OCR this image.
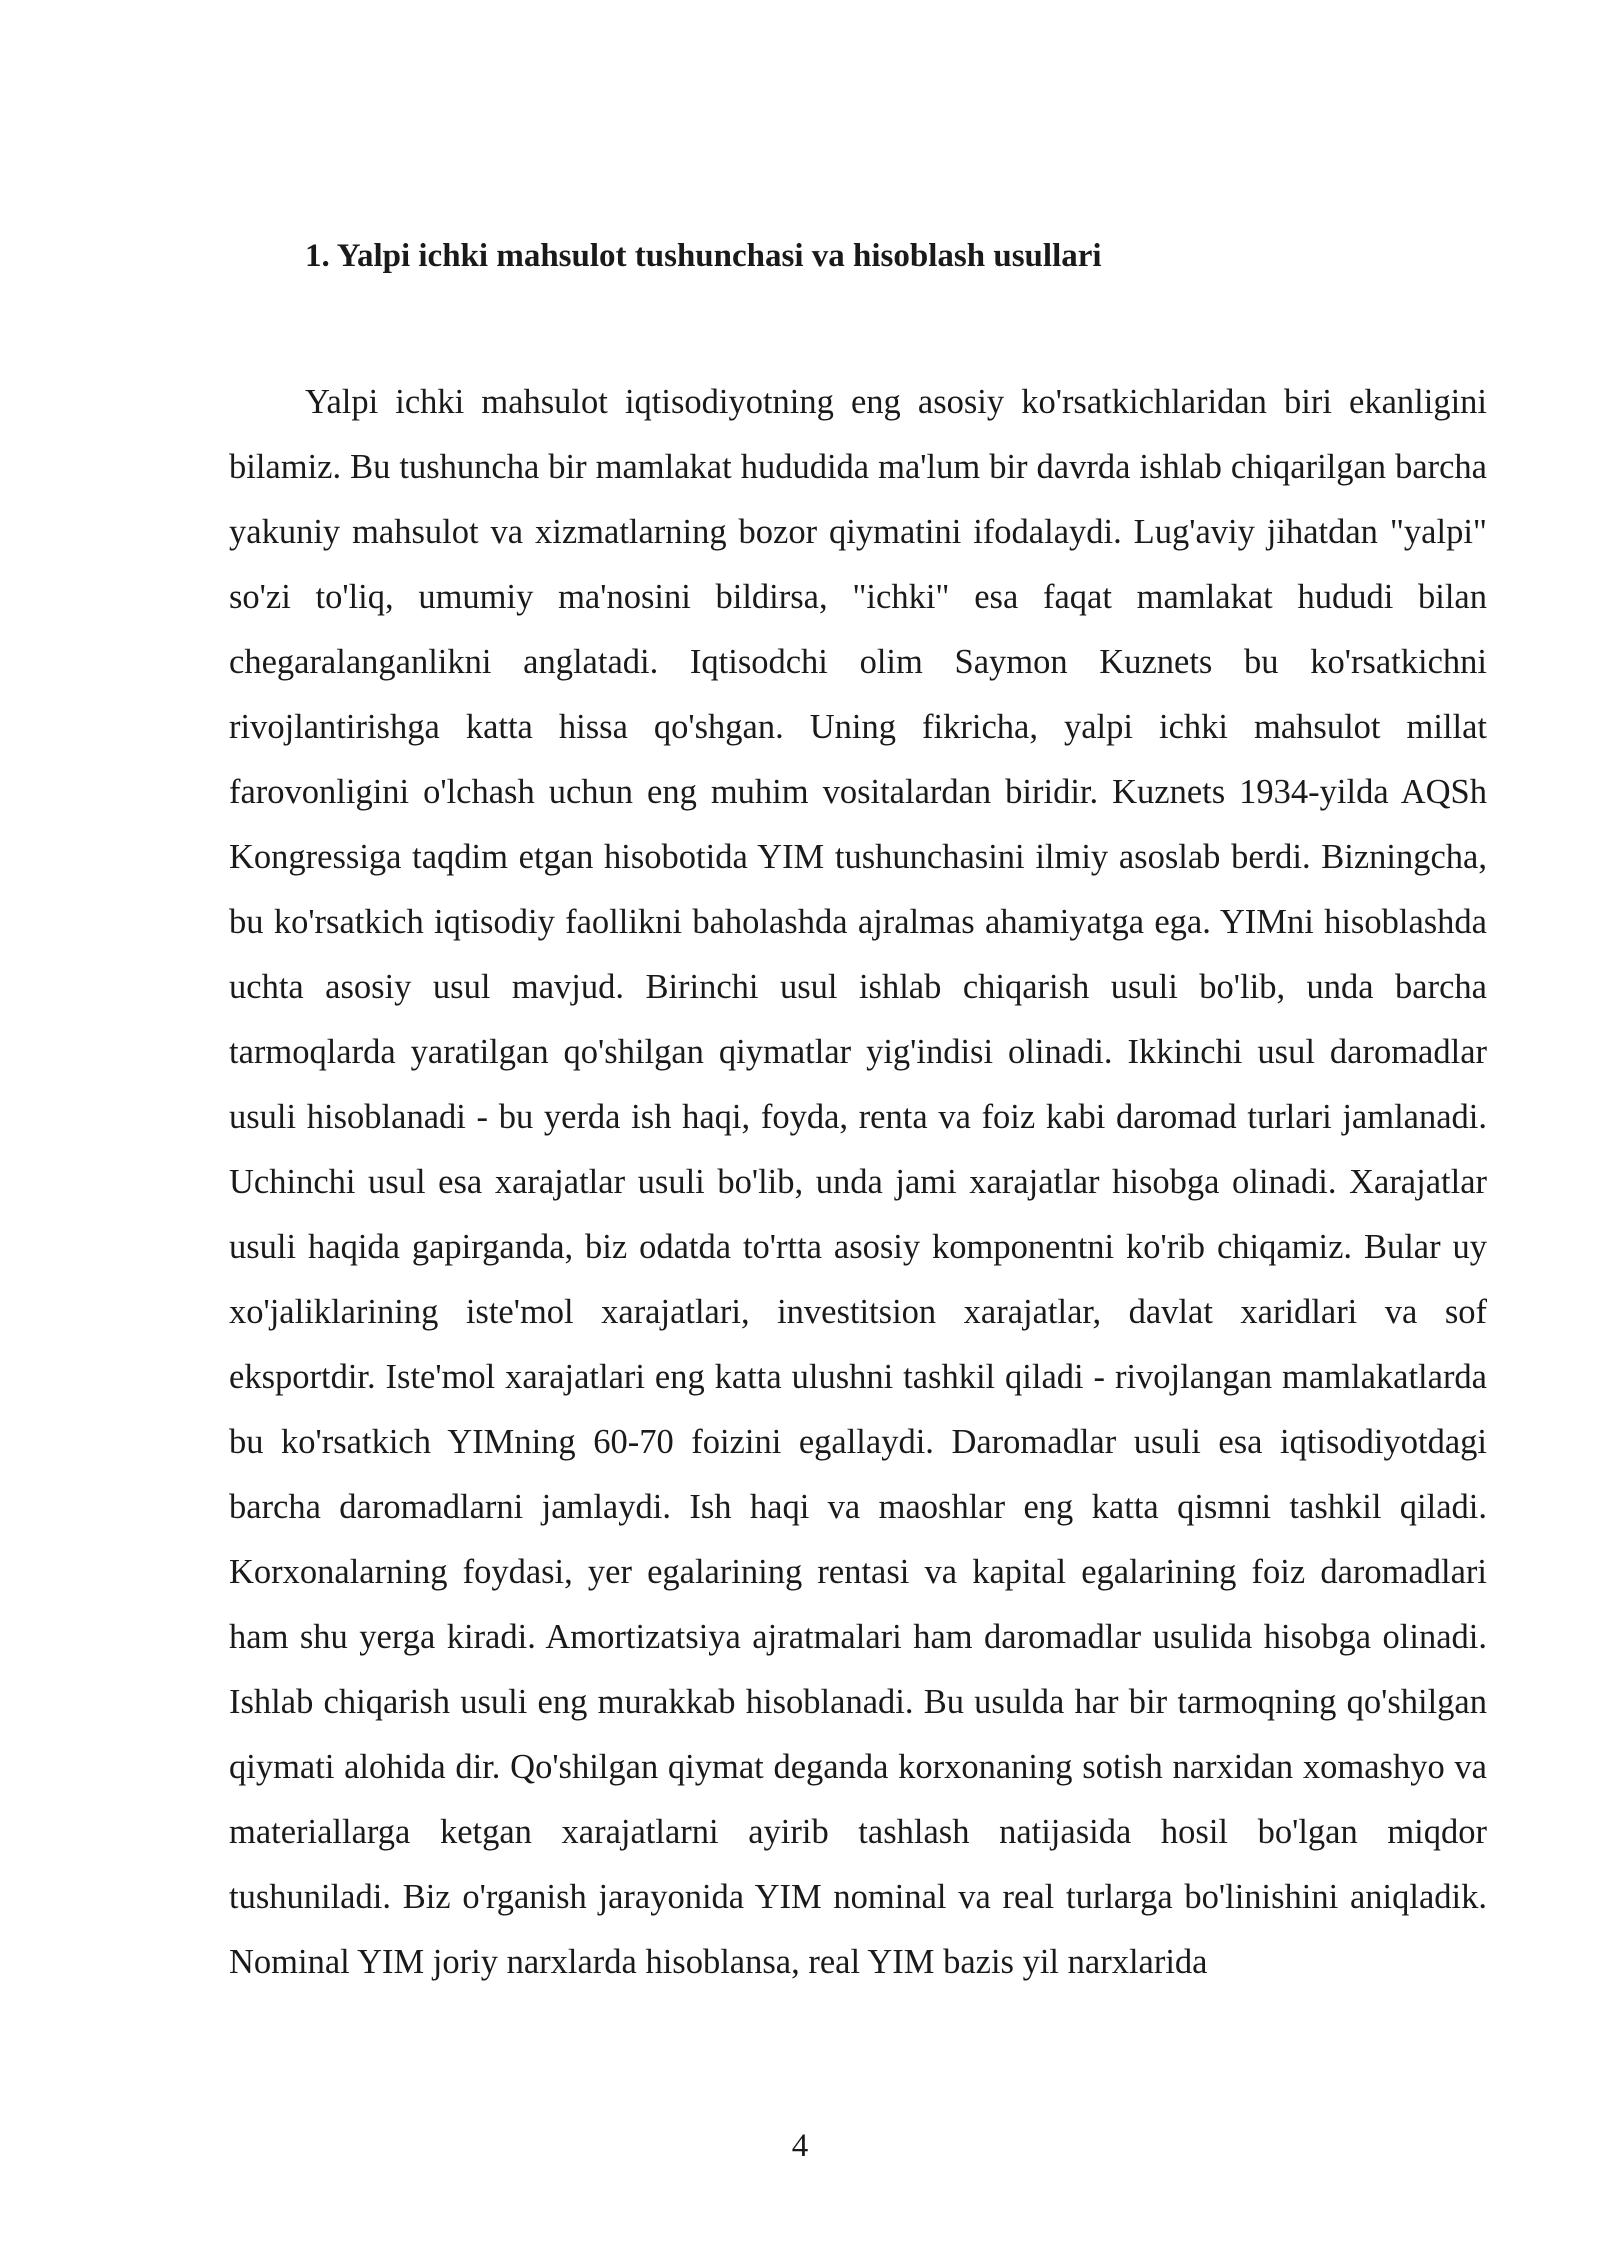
1. Yalpi ichki mahsulot tushunchasi va hisoblash usullari

Yalpi ichki mahsulot iqtisodiyotning eng asosiy ko'rsatkichlaridan biri ekanligini bilamiz. Bu tushuncha bir mamlakat hududida ma'lum bir davrda ishlab chiqarilgan barcha yakuniy mahsulot va xizmatlarning bozor qiymatini ifodalaydi. Lug'aviy jihatdan "yalpi" so'zi to'liq, umumiy ma'nosini bildirsa, "ichki" esa faqat mamlakat hududi bilan chegaralanganlikni anglatadi. Iqtisodchi olim Saymon Kuznets bu ko'rsatkichni rivojlantirishga katta hissa qo'shgan. Uning fikricha, yalpi ichki mahsulot millat farovonligini o'lchash uchun eng muhim vositalardan biridir. Kuznets 1934-yilda AQSh Kongressiga taqdim etgan hisobotida YIM tushunchasini ilmiy asoslab berdi. Bizningcha, bu ko'rsatkich iqtisodiy faollikni baholashda ajralmas ahamiyatga ega. YIMni hisoblashda uchta asosiy usul mavjud. Birinchi usul ishlab chiqarish usuli bo'lib, unda barcha tarmoqlarda yaratilgan qo'shilgan qiymatlar yig'indisi olinadi. Ikkinchi usul daromadlar usuli hisoblanadi - bu yerda ish haqi, foyda, renta va foiz kabi daromad turlari jamlanadi. Uchinchi usul esa xarajatlar usuli bo'lib, unda jami xarajatlar hisobga olinadi. Xarajatlar usuli haqida gapirganda, biz odatda to'rtta asosiy komponentni ko'rib chiqamiz. Bular uy xo'jaliklarining iste'mol xarajatlari, investitsion xarajatlar, davlat xaridlari va sof eksportdir. Iste'mol xarajatlari eng katta ulushni tashkil qiladi - rivojlangan mamlakatlarda bu ko'rsatkich YIMning 60-70 foizini egallaydi. Daromadlar usuli esa iqtisodiyotdagi barcha daromadlarni jamlaydi. Ish haqi va maoshlar eng katta qismni tashkil qiladi. Korxonalarning foydasi, yer egalarining rentasi va kapital egalarining foiz daromadlari ham shu yerga kiradi. Amortizatsiya ajratmalari ham daromadlar usulida hisobga olinadi. Ishlab chiqarish usuli eng murakkab hisoblanadi. Bu usulda har bir tarmoqning qo'shilgan qiymati alohida dir. Qo'shilgan qiymat deganda korxonaning sotish narxidan xomashyo va materiallarga ketgan xarajatlarni ayirib tashlash natijasida hosil bo'lgan miqdor tushuniladi. Biz o'rganish jarayonida YIM nominal va real turlarga bo'linishini aniqladik. Nominal YIM joriy narxlarda hisoblansa, real YIM bazis yil narxlarida

4
